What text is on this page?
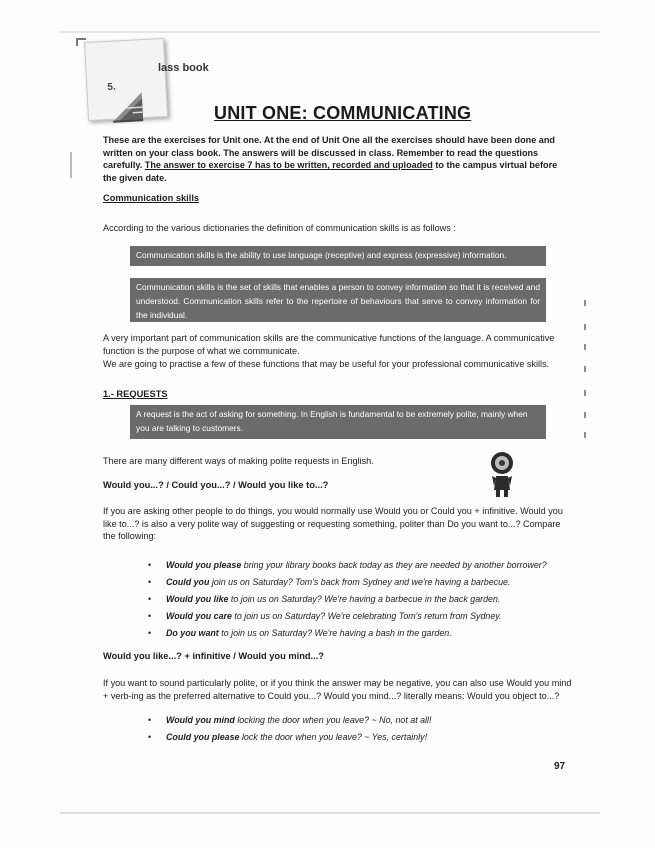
5.
lass book
UNIT ONE: COMMUNICATING
These are the exercises for Unit one. At the end of Unit One all the exercises should have been done and written on your class book. The answers will be discussed in class. Remember to read the questions carefully. The answer to exercise 7 has to be written, recorded and uploaded to the campus virtual before the given date.
Communication skills
According to the various dictionaries the definition of communication skills is as follows :
Communication skills is the ability to use language (receptive) and express (expressive) information.
Communication skills is the set of skills that enables a person to convey information so that it is received and understood. Communication skills refer to the repertoire of behaviours that serve to convey information for the individual.
A very important part of communication skills are the communicative functions of the language. A communicative function is the purpose of what we communicate.
We are going to practise a few of these functions that may be useful for your professional communicative skills.
1.- REQUESTS
A request is the act of asking for something. In English is fundamental to be extremely polite, mainly when you are talking to customers.
There are many different ways of making polite requests in English.
Would you...? / Could you...? / Would you like to...?
If you are asking other people to do things, you would normally use Would you or Could you + infinitive. Would you like to...? is also a very polite way of suggesting or requesting something, politer than Do you want to...? Compare the following:
• Would you please bring your library books back today as they are needed by another borrower?
• Could you join us on Saturday? Tom's back from Sydney and we're having a barbecue.
• Would you like to join us on Saturday? We're having a barbecue in the back garden.
• Would you care to join us on Saturday? We're celebrating Tom's return from Sydney.
• Do you want to join us on Saturday? We're having a bash in the garden.
Would you like...? + infinitive / Would you mind...?
If you want to sound particularly polite, or if you think the answer may be negative, you can also use Would you mind + verb-ing as the preferred alternative to Could you...? Would you mind...? literally means: Would you object to...?
• Would you mind locking the door when you leave? ~ No, not at all!
• Could you please lock the door when you leave? ~ Yes, certainly!
97
